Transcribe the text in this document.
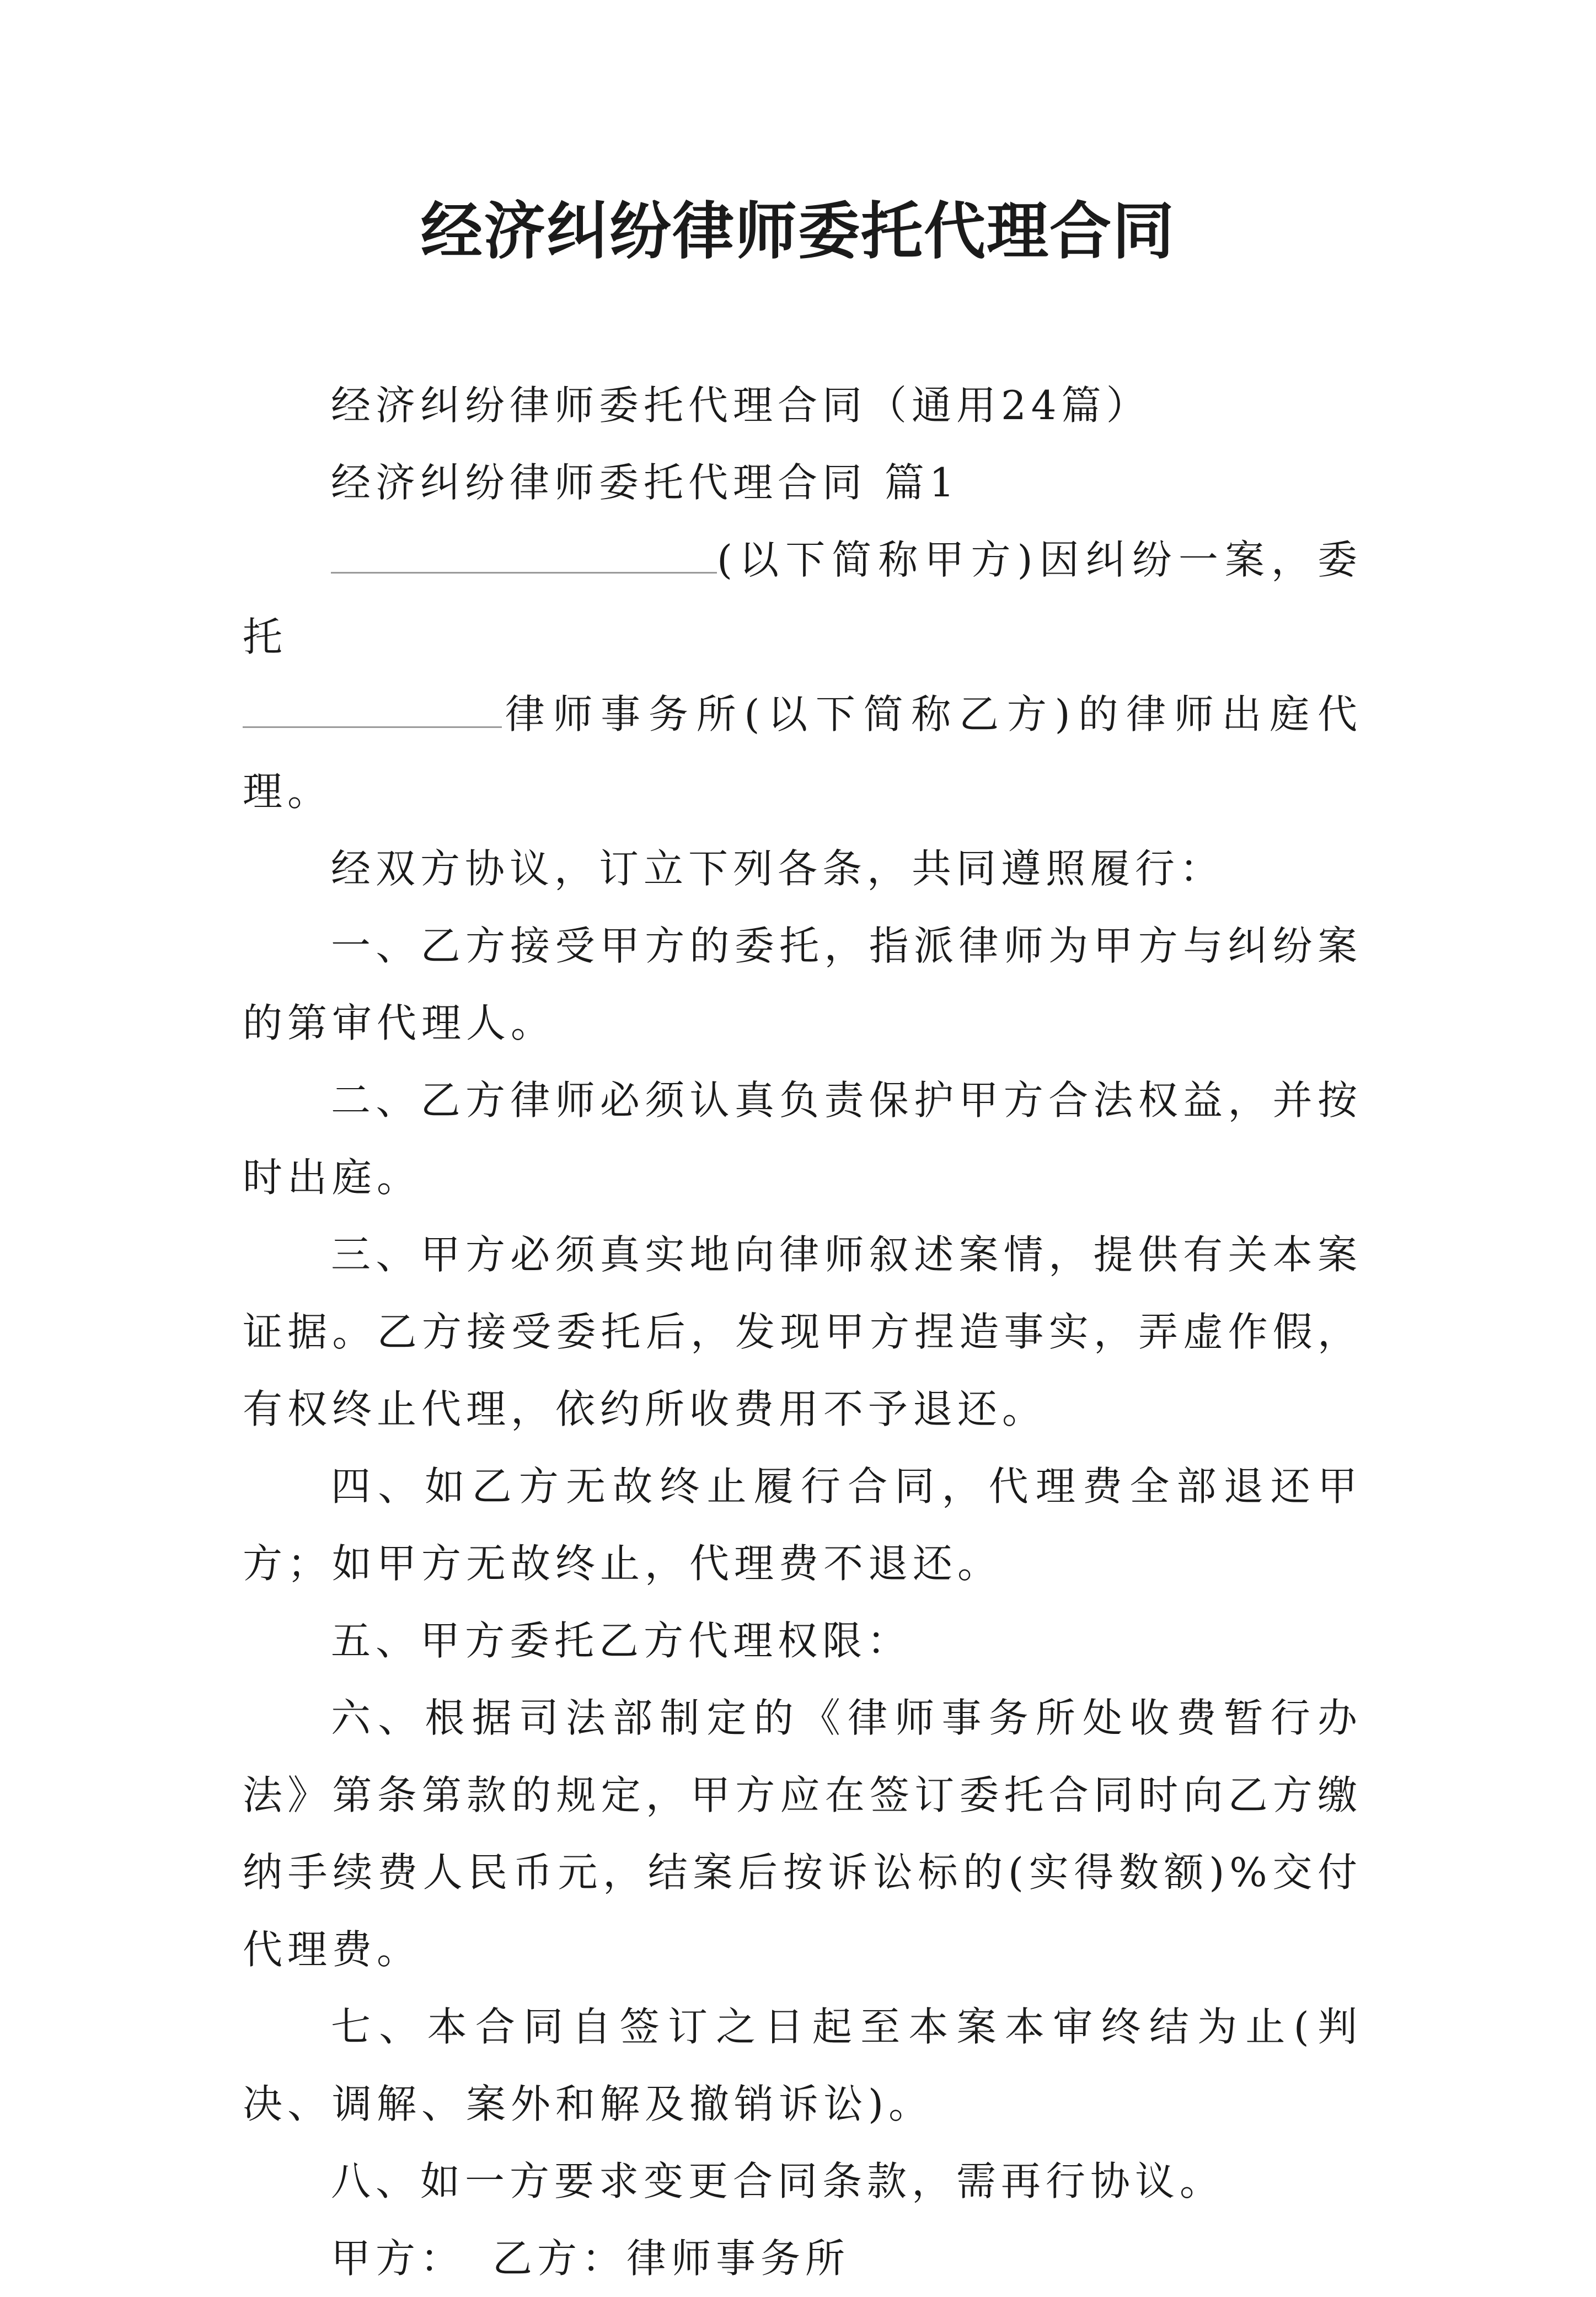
经济纠纷律师委托代理合同

经济纠纷律师委托代理合同（通用24篇）

经济纠纷律师委托代理合同 篇1

(以下简称甲方)因纠纷一案，委托
律师事务所(以下简称乙方)的律师出庭代理。

经双方协议，订立下列各条，共同遵照履行：

一、乙方接受甲方的委托，指派律师为甲方与纠纷案的第审代理人。

二、乙方律师必须认真负责保护甲方合法权益，并按时出庭。

三、甲方必须真实地向律师叙述案情，提供有关本案证据。乙方接受委托后，发现甲方捏造事实，弄虚作假，有权终止代理，依约所收费用不予退还。

四、如乙方无故终止履行合同，代理费全部退还甲方；如甲方无故终止，代理费不退还。

五、甲方委托乙方代理权限：

六、根据司法部制定的《律师事务所处收费暂行办法》第条第款的规定，甲方应在签订委托合同时向乙方缴纳手续费人民币元，结案后按诉讼标的(实得数额)%交付代理费。

七、本合同自签订之日起至本案本审终结为止(判决、调解、案外和解及撤销诉讼)。

八、如一方要求变更合同条款，需再行协议。

甲方： 乙方：律师事务所
